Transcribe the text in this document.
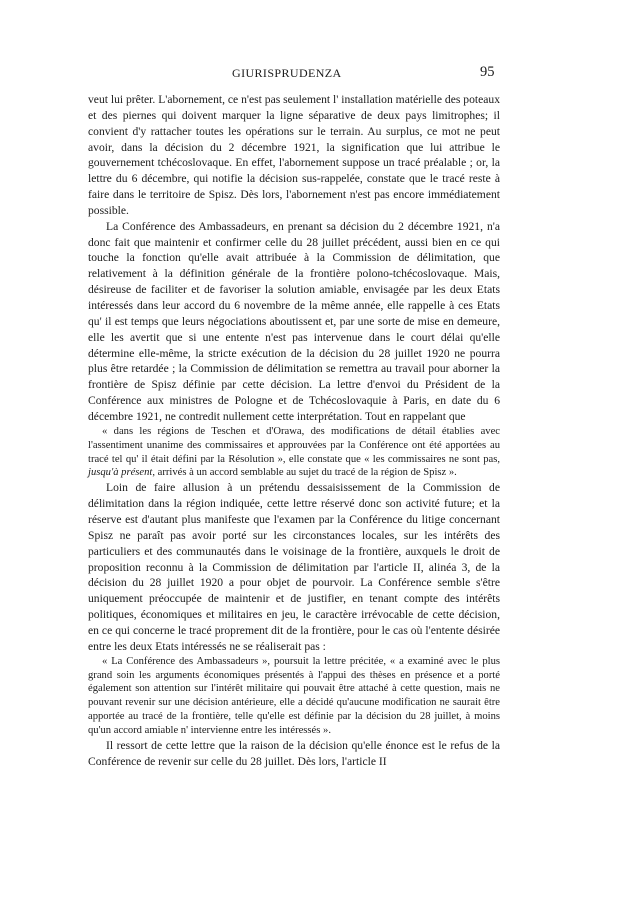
GIURISPRUDENZA	95

veut lui prêter. L'abornement, ce n'est pas seulement l' installation matérielle des poteaux et des piernes qui doivent marquer la ligne séparative de deux pays limitrophes; il convient d'y rattacher toutes les opérations sur le terrain. Au surplus, ce mot ne peut avoir, dans la décision du 2 décembre 1921, la signification que lui attribue le gouvernement tchécoslovaque. En effet, l'abornement suppose un tracé préalable ; or, la lettre du 6 décembre, qui notifie la décision sus-rappelée, constate que le tracé reste à faire dans le territoire de Spisz. Dès lors, l'abornement n'est pas encore immédiatement possible.

La Conférence des Ambassadeurs, en prenant sa décision du 2 décembre 1921, n'a donc fait que maintenir et confirmer celle du 28 juillet précédent, aussi bien en ce qui touche la fonction qu'elle avait attribuée à la Commission de délimitation, que relativement à la définition générale de la frontière polono-tchécoslovaque. Mais, désireuse de faciliter et de favoriser la solution amiable, envisagée par les deux Etats intéressés dans leur accord du 6 novembre de la même année, elle rappelle à ces Etats qu' il est temps que leurs négociations aboutissent et, par une sorte de mise en demeure, elle les avertit que si une entente n'est pas intervenue dans le court délai qu'elle détermine elle-même, la stricte exécution de la décision du 28 juillet 1920 ne pourra plus être retardée ; la Commission de délimitation se remettra au travail pour aborner la frontière de Spisz définie par cette décision. La lettre d'envoi du Président de la Conférence aux ministres de Pologne et de Tchécoslovaquie à Paris, en date du 6 décembre 1921, ne contredit nullement cette interprétation. Tout en rappelant que

« dans les régions de Teschen et d'Orawa, des modifications de détail établies avec l'assentiment unanime des commissaires et approuvées par la Conférence ont été apportées au tracé tel qu' il était défini par la Résolution », elle constate que « les commissaires ne sont pas, jusqu'à présent, arrivés à un accord semblable au sujet du tracé de la région de Spisz ».

Loin de faire allusion à un prétendu dessaisissement de la Commission de délimitation dans la région indiquée, cette lettre réservé donc son activité future; et la réserve est d'autant plus manifeste que l'examen par la Conférence du litige concernant Spisz ne paraît pas avoir porté sur les circonstances locales, sur les intérêts des particuliers et des communautés dans le voisinage de la frontière, auxquels le droit de proposition reconnu à la Commission de délimitation par l'article II, alinéa 3, de la décision du 28 juillet 1920 a pour objet de pourvoir. La Conférence semble s'être uniquement préoccupée de maintenir et de justifier, en tenant compte des intérêts politiques, économiques et militaires en jeu, le caractère irrévocable de cette décision, en ce qui concerne le tracé proprement dit de la frontière, pour le cas où l'entente désirée entre les deux Etats intéressés ne se réaliserait pas :

« La Conférence des Ambassadeurs », poursuit la lettre précitée, « a examiné avec le plus grand soin les arguments économiques présentés à l'appui des thèses en présence et a porté également son attention sur l'intérêt militaire qui pouvait être attaché à cette question, mais ne pouvant revenir sur une décision antérieure, elle a décidé qu'aucune modification ne saurait être apportée au tracé de la frontière, telle qu'elle est définie par la décision du 28 juillet, à moins qu'un accord amiable n' intervienne entre les intéressés ».

Il ressort de cette lettre que la raison de la décision qu'elle énonce est le refus de la Conférence de revenir sur celle du 28 juillet. Dès lors, l'article II
